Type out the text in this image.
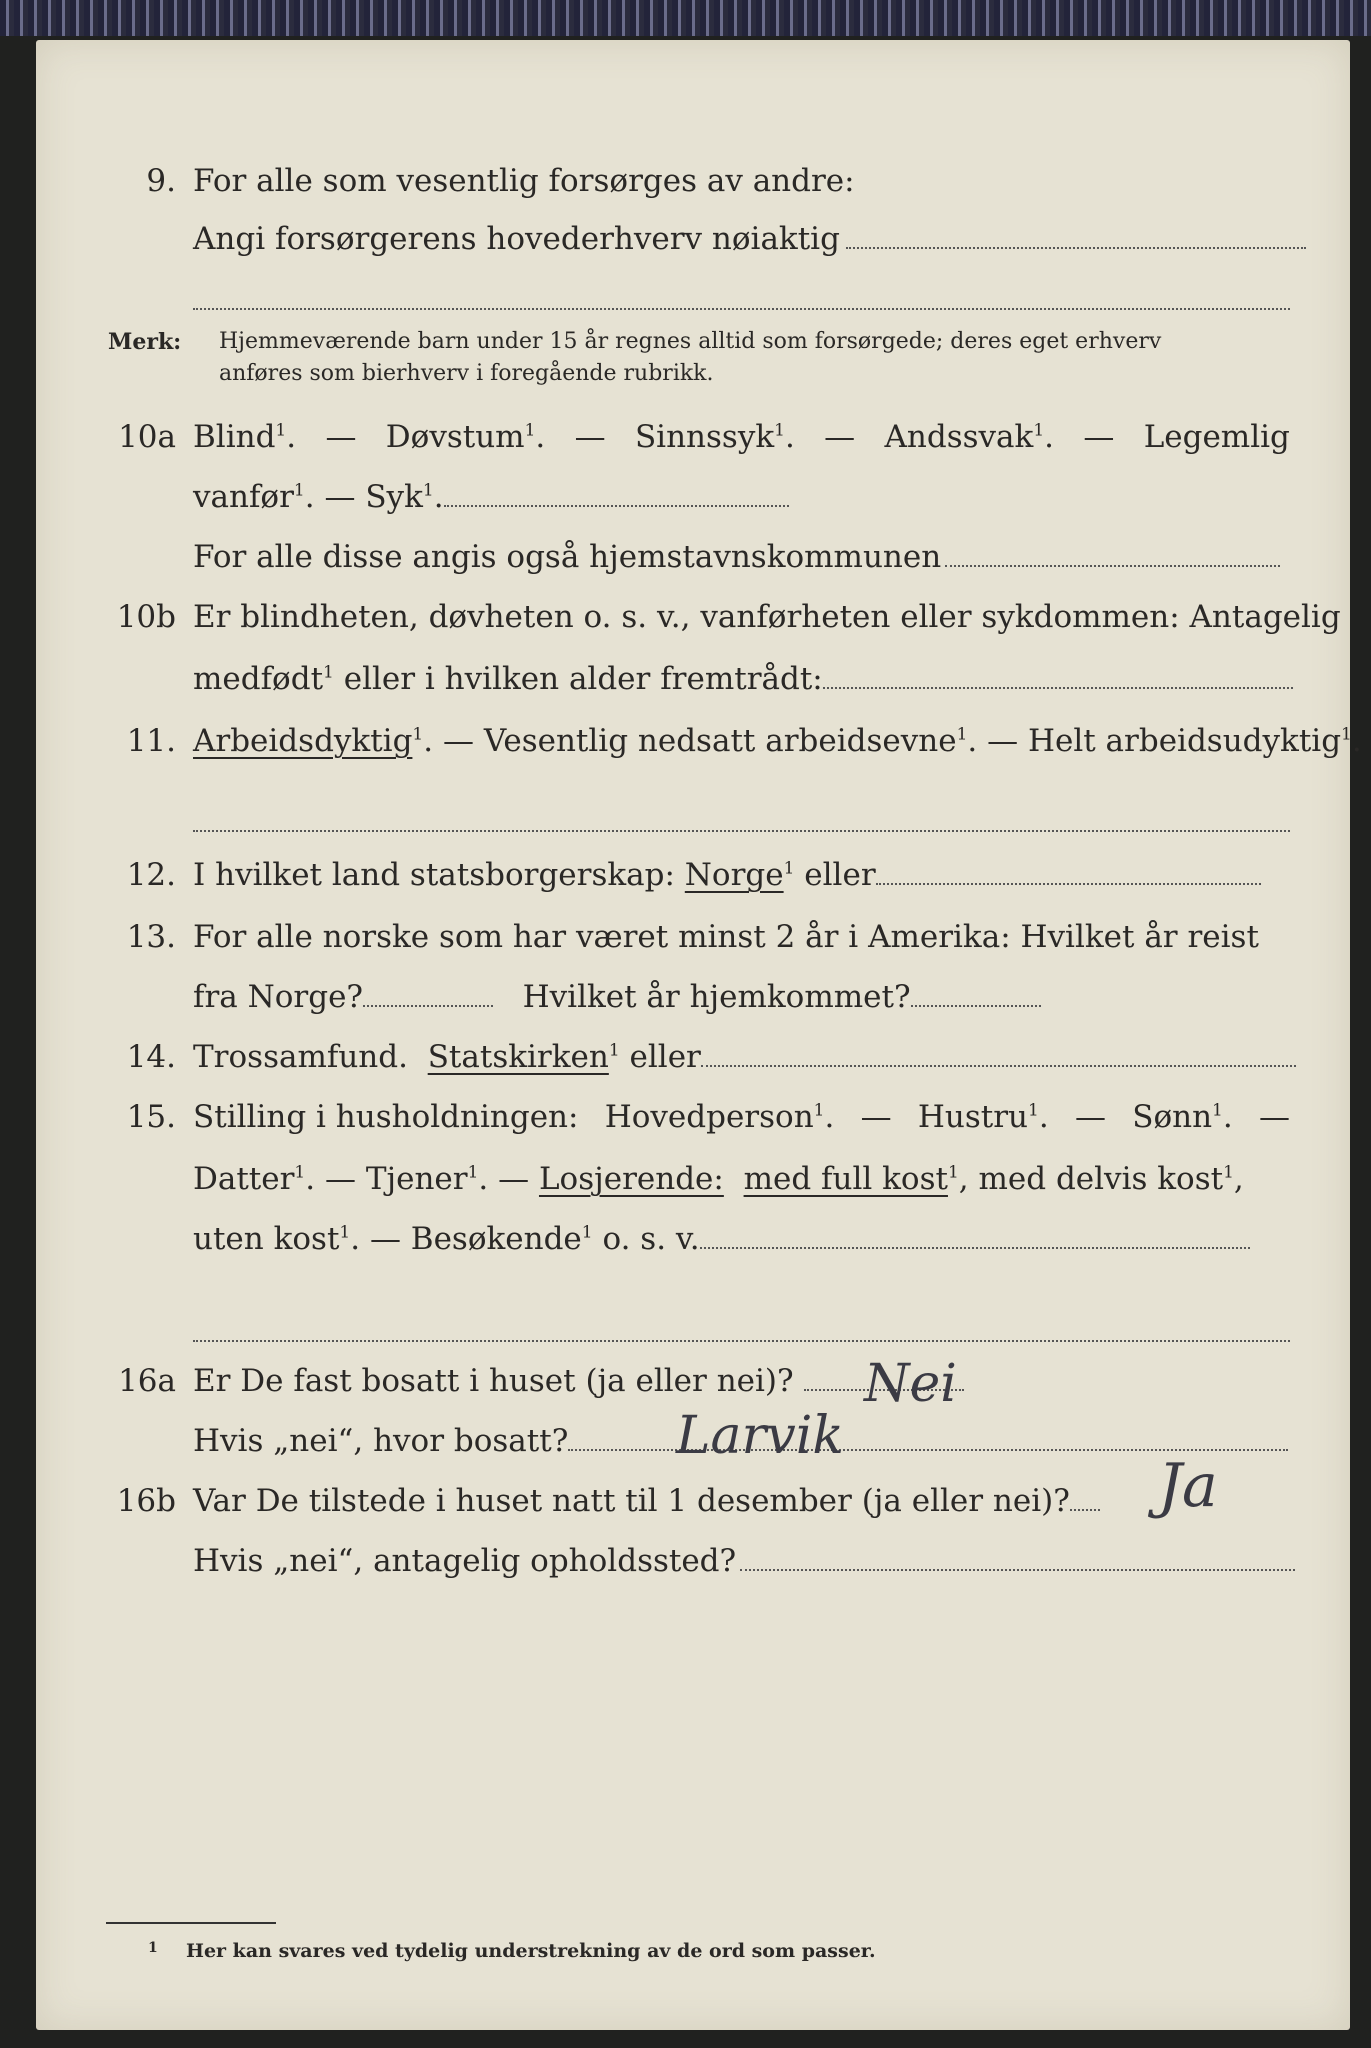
9. For alle som vesentlig forsørges av andre:
Angi forsørgerens hovederhverv nøiaktig
Merk: Hjemmeværende barn under 15 år regnes alltid som forsørgede; deres eget erhverv
anføres som bierhverv i foregående rubrikk.
10a Blind$^1$. — Døvstum$^1$. — Sinnssyk$^1$. — Andssvak$^1$. — Legemlig
vanfør$^1$. — Syk$^1$.
For alle disse angis også hjemstavnskommunen
10b Er blindheten, døvheten o. s. v., vanførheten eller sykdommen: Antagelig
medfødt$^1$ eller i hvilken alder fremtrådt:
11. Arbeidsdyktig$^1$. — Vesentlig nedsatt arbeidsevne$^1$. — Helt arbeidsudyktig$^1$.
12. I hvilket land statsborgerskap: Norge$^1$ eller
13. For alle norske som har været minst 2 år i Amerika: Hvilket år reist
fra Norge?	Hvilket år hjemkommet?
14. Trossamfund. Statskirken$^1$ eller
15. Stilling i husholdningen: Hovedperson$^1$. — Hustru$^1$. — Sønn$^1$. —
Datter$^1$. — Tjener$^1$. — Losjerende: med full kost$^1$, med delvis kost$^1$,
uten kost$^1$. — Besøkende$^1$ o. s. v.
16a Er De fast bosatt i huset (ja eller nei)?	Nei
Hvis „nei“, hvor bosatt?	Larvik
16b Var De tilstede i huset natt til 1 desember (ja eller nei)?	Ja
Hvis „nei“, antagelig opholdssted?
1 Her kan svares ved tydelig understrekning av de ord som passer.
